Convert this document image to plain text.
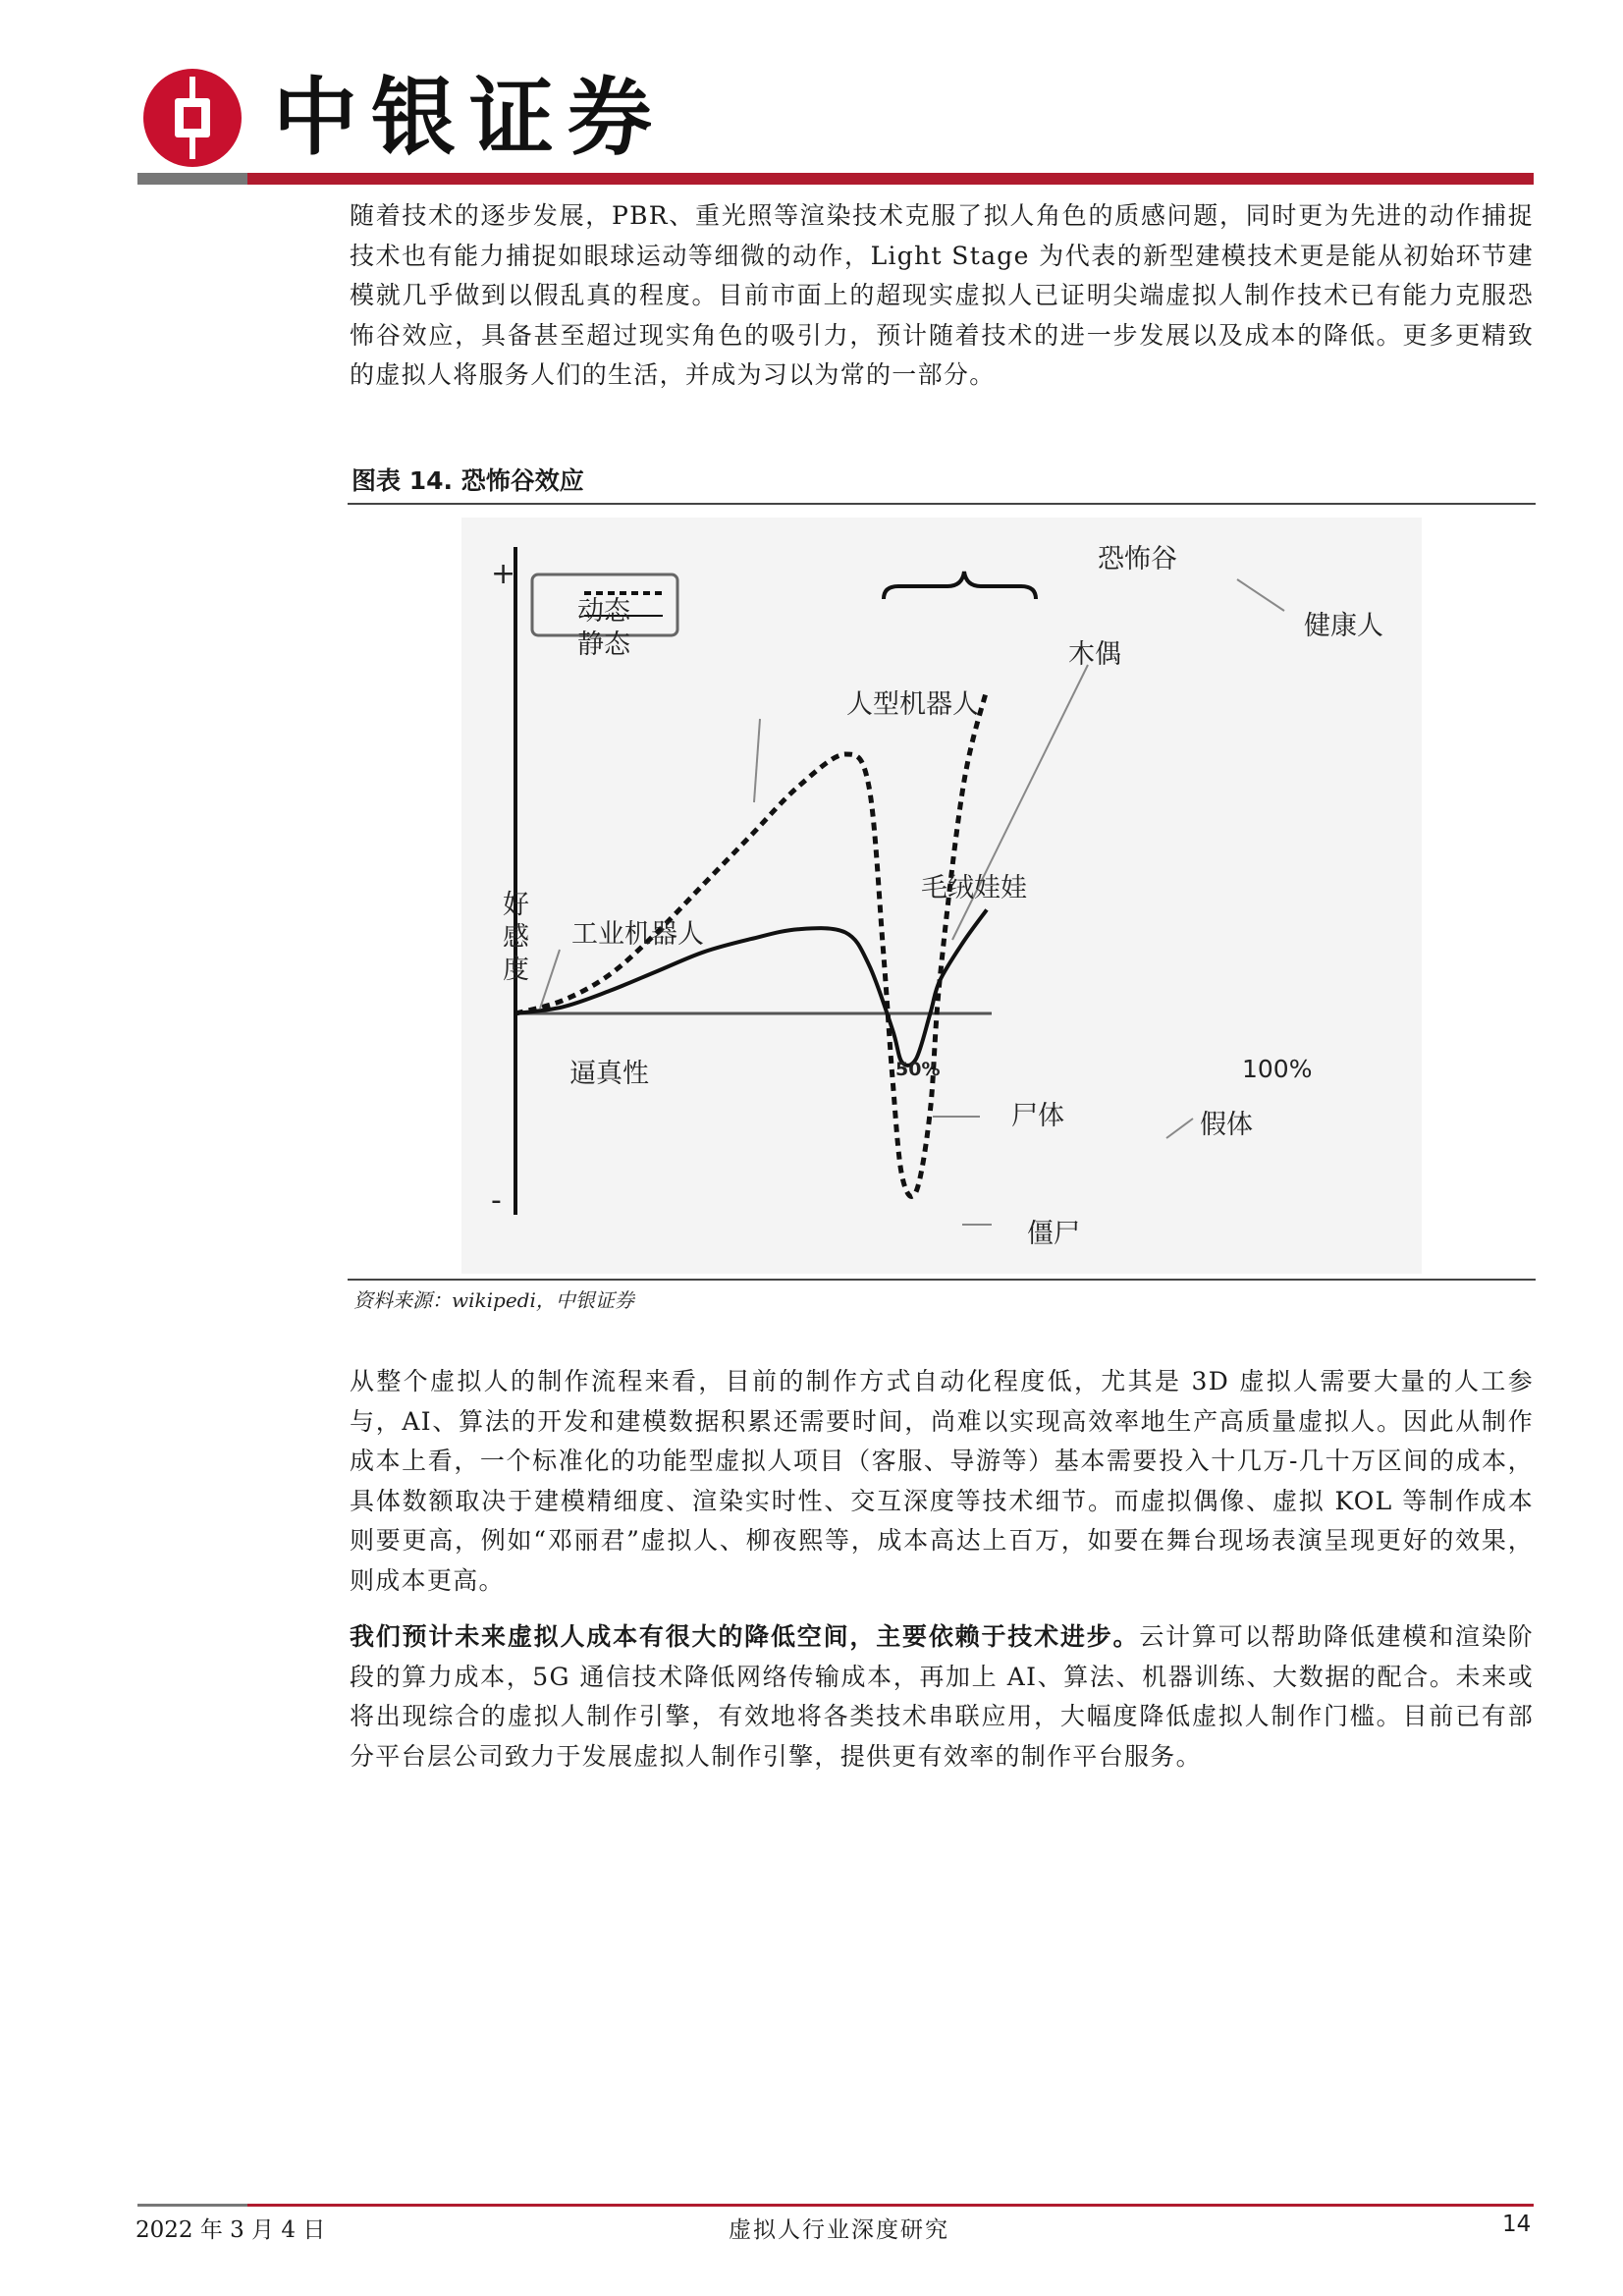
中银证券
随着技术的逐步发展，PBR、重光照等渲染技术克服了拟人角色的质感问题，同时更为先进的动作捕捉技术也有能力捕捉如眼球运动等细微的动作，Light Stage 为代表的新型建模技术更是能从初始环节建模就几乎做到以假乱真的程度。目前市面上的超现实虚拟人已证明尖端虚拟人制作技术已有能力克服恐怖谷效应，具备甚至超过现实角色的吸引力，预计随着技术的进一步发展以及成本的降低。更多更精致的虚拟人将服务人们的生活，并成为习以为常的一部分。
图表 14. 恐怖谷效应
+
-
好感度
逼真性	50%	100%
动态
静态
恐怖谷
工业机器人
人型机器人
毛绒娃娃
木偶
健康人
尸体	假体
僵尸
资料来源：wikipedi，中银证券
从整个虚拟人的制作流程来看，目前的制作方式自动化程度低，尤其是 3D 虚拟人需要大量的人工参与，AI、算法的开发和建模数据积累还需要时间，尚难以实现高效率地生产高质量虚拟人。因此从制作成本上看，一个标准化的功能型虚拟人项目（客服、导游等）基本需要投入十几万-几十万区间的成本，具体数额取决于建模精细度、渲染实时性、交互深度等技术细节。而虚拟偶像、虚拟 KOL 等制作成本则要更高，例如“邓丽君”虚拟人、柳夜熙等，成本高达上百万，如要在舞台现场表演呈现更好的效果，则成本更高。
我们预计未来虚拟人成本有很大的降低空间，主要依赖于技术进步。云计算可以帮助降低建模和渲染阶段的算力成本，5G 通信技术降低网络传输成本，再加上 AI、算法、机器训练、大数据的配合。未来或将出现综合的虚拟人制作引擎，有效地将各类技术串联应用，大幅度降低虚拟人制作门槛。目前已有部分平台层公司致力于发展虚拟人制作引擎，提供更有效率的制作平台服务。
2022 年 3 月 4 日	虚拟人行业深度研究	14
